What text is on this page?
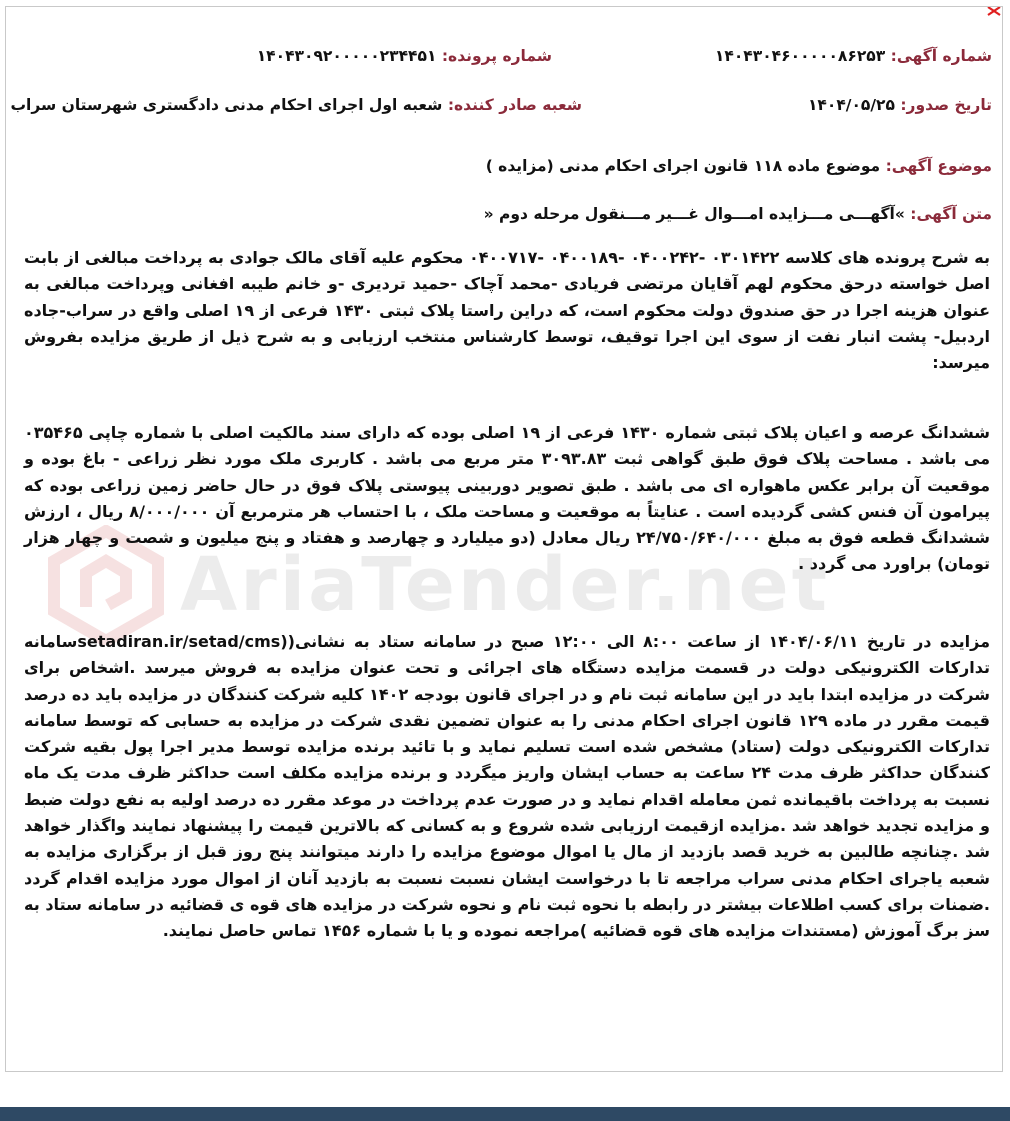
AriaTender.net
شماره آگهی: ۱۴۰۴۳۰۴۶۰۰۰۰۰۸۶۲۵۳
شماره پرونده: ۱۴۰۴۳۰۹۲۰۰۰۰۰۲۳۴۴۵۱
تاریخ صدور: ۱۴۰۴/۰۵/۲۵
شعبه صادر کننده: شعبه اول اجرای احکام مدنی دادگستری شهرستان سراب
موضوع آگهی: موضوع ماده ۱۱۸ قانون اجرای احکام مدنی (مزایده )
متن آگهی: »آگهـــی مـــزایده امـــوال غـــیر مـــنقول مرحله دوم «

به شرح پرونده های کلاسه ۰۳۰۱۴۲۲ -۰۴۰۰۲۴۲ -۰۴۰۰۱۸۹ -۰۴۰۰۷۱۷ محکوم علیه آقای مالک جوادی به پرداخت مبالغی از بابت اصل خواسته درحق محکوم لهم آقایان مرتضی فریادی -محمد آچاک -حمید تردیری -و خانم طیبه افغانی وپرداخت مبالغی به عنوان هزینه اجرا در حق صندوق دولت محکوم است، که دراین راستا پلاک ثبتی ۱۴۳۰ فرعی از ۱۹ اصلی واقع در سراب-جاده اردبیل- پشت انبار نفت از سوی این اجرا توقیف، توسط کارشناس منتخب ارزیابی و به شرح ذیل از طریق مزایده بفروش میرسد:

ششدانگ عرصه و اعیان پلاک ثبتی شماره ۱۴۳۰ فرعی از ۱۹ اصلی بوده که دارای سند مالکیت اصلی با شماره چاپی ۰۳۵۴۶۵ می باشد . مساحت پلاک فوق طبق گواهی ثبت ۳۰۹۳.۸۳ متر مربع می باشد . کاربری ملک مورد نظر زراعی - باغ بوده و موقعیت آن برابر عکس ماهواره ای می باشد . طبق تصویر دوربینی پیوستی پلاک فوق در حال حاضر زمین زراعی بوده که پیرامون آن فنس کشی گردیده است . عنایتاً به موقعیت و مساحت ملک ، با احتساب هر مترمربع آن ۸/۰۰۰/۰۰۰ ریال ، ارزش ششدانگ قطعه فوق به مبلغ ۲۴/۷۵۰/۶۴۰/۰۰۰ ریال معادل (دو میلیارد و چهارصد و هفتاد و پنج میلیون و شصت و چهار هزار تومان) براورد می گردد .

مزایده در تاریخ ۱۴۰۴/۰۶/۱۱ از ساعت ۸:۰۰ الی ۱۲:۰۰ صبح در سامانه ستاد به نشانی((setadiran.ir/setad/cmsسامانه تدارکات الکترونیکی دولت در قسمت مزایده دستگاه های اجرائی و تحت عنوان مزایده به فروش میرسد .اشخاص برای شرکت در مزایده ابتدا باید در این سامانه ثبت نام و در اجرای قانون بودجه ۱۴۰۲ کلیه شرکت کنندگان در مزایده باید ده درصد قیمت مقرر در ماده ۱۲۹ قانون اجرای احکام مدنی را به عنوان تضمین نقدی شرکت در مزایده به حسابی که توسط سامانه تدارکات الکترونیکی دولت (ستاد) مشخص شده است تسلیم نماید و با تائید برنده مزایده توسط مدیر اجرا پول بقیه شرکت کنندگان حداکثر ظرف مدت ۲۴ ساعت به حساب ایشان واریز میگردد و برنده مزایده مکلف است حداکثر ظرف مدت یک ماه نسبت به پرداخت باقیمانده ثمن معامله اقدام نماید و در صورت عدم پرداخت در موعد مقرر ده درصد اولیه به نفع دولت ضبط و مزایده تجدید خواهد شد .مزایده ازقیمت ارزیابی شده شروع و به کسانی که بالاترین قیمت را پیشنهاد نمایند واگذار خواهد شد .چنانچه طالبین به خرید قصد بازدید از مال یا اموال موضوع مزایده را دارند میتوانند پنج روز قبل از برگزاری مزایده به شعبه یاجرای احکام مدنی سراب مراجعه تا با درخواست ایشان نسبت نسبت به بازدید آنان از اموال مورد مزایده اقدام گردد .ضمنات برای کسب اطلاعات بیشتر در رابطه با نحوه ثبت نام و نحوه شرکت در مزایده های قوه ی قضائیه در سامانه ستاد به سز برگ آموزش (مستندات مزایده های قوه قضائیه )مراجعه نموده و یا با شماره ۱۴۵۶ تماس حاصل نمایند.
